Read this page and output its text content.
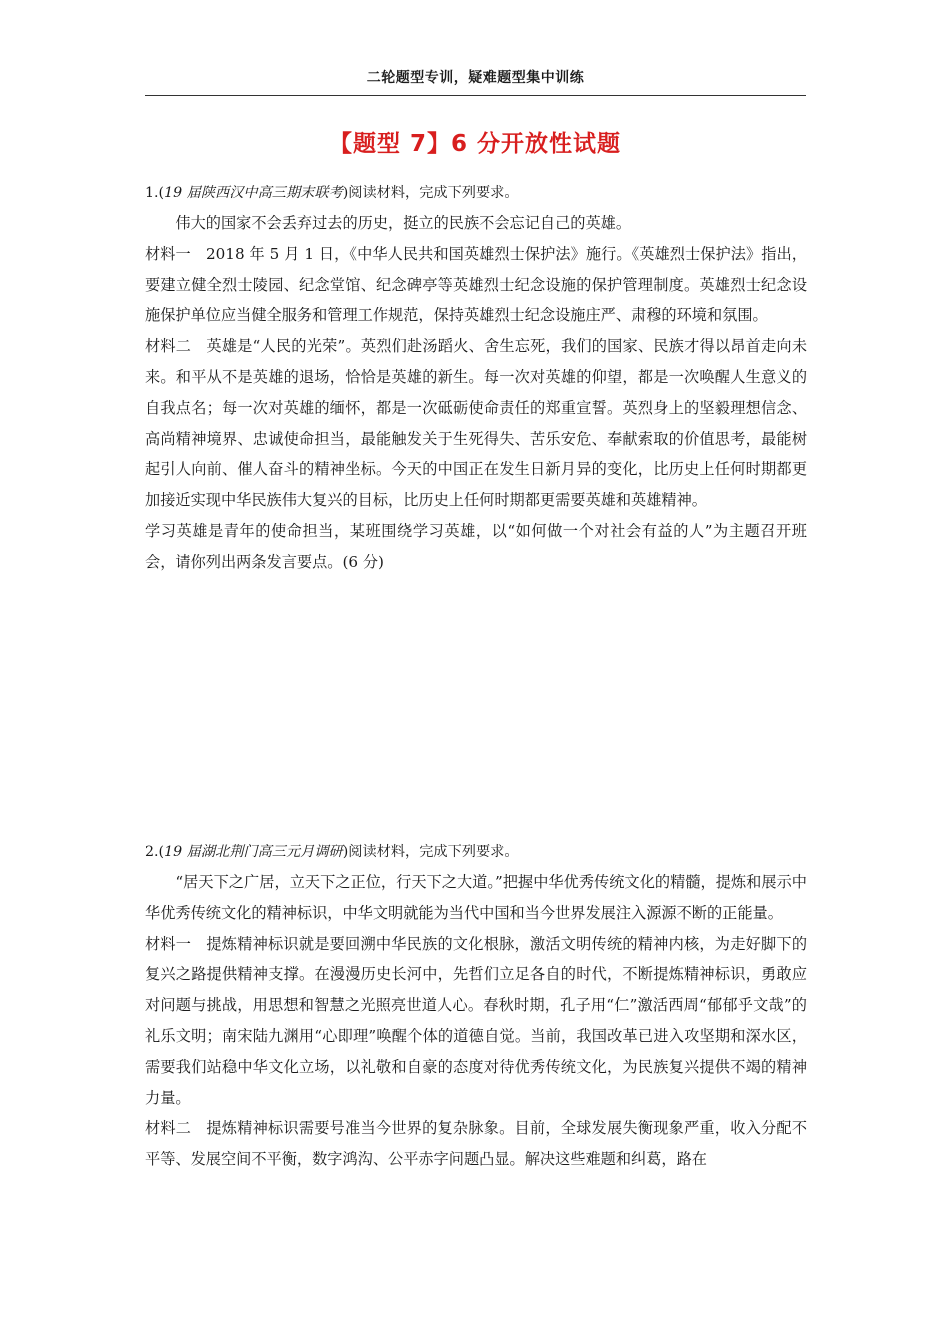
二轮题型专训，疑难题型集中训练
【题型 7】6 分开放性试题

1.(19 届陕西汉中高三期末联考)阅读材料，完成下列要求。

伟大的国家不会丢弃过去的历史，挺立的民族不会忘记自己的英雄。

材料一 2018 年 5 月 1 日，《中华人民共和国英雄烈士保护法》施行。《英雄烈士保护法》指出，要建立健全烈士陵园、纪念堂馆、纪念碑亭等英雄烈士纪念设施的保护管理制度。英雄烈士纪念设施保护单位应当健全服务和管理工作规范，保持英雄烈士纪念设施庄严、肃穆的环境和氛围。

材料二 英雄是“人民的光荣”。英烈们赴汤蹈火、舍生忘死，我们的国家、民族才得以昂首走向未来。和平从不是英雄的退场，恰恰是英雄的新生。每一次对英雄的仰望，都是一次唤醒人生意义的自我点名；每一次对英雄的缅怀，都是一次砥砺使命责任的郑重宣誓。英烈身上的坚毅理想信念、高尚精神境界、忠诚使命担当，最能触发关于生死得失、苦乐安危、奉献索取的价值思考，最能树起引人向前、催人奋斗的精神坐标。今天的中国正在发生日新月异的变化，比历史上任何时期都更加接近实现中华民族伟大复兴的目标，比历史上任何时期都更需要英雄和英雄精神。

学习英雄是青年的使命担当，某班围绕学习英雄，以“如何做一个对社会有益的人”为主题召开班会，请你列出两条发言要点。(6 分)

2.(19 届湖北荆门高三元月调研)阅读材料，完成下列要求。

“居天下之广居，立天下之正位，行天下之大道。”把握中华优秀传统文化的精髓，提炼和展示中华优秀传统文化的精神标识，中华文明就能为当代中国和当今世界发展注入源源不断的正能量。

材料一 提炼精神标识就是要回溯中华民族的文化根脉，激活文明传统的精神内核，为走好脚下的复兴之路提供精神支撑。在漫漫历史长河中，先哲们立足各自的时代，不断提炼精神标识，勇敢应对问题与挑战，用思想和智慧之光照亮世道人心。春秋时期，孔子用“仁”激活西周“郁郁乎文哉”的礼乐文明；南宋陆九渊用“心即理”唤醒个体的道德自觉。当前，我国改革已进入攻坚期和深水区，需要我们站稳中华文化立场，以礼敬和自豪的态度对待优秀传统文化，为民族复兴提供不竭的精神力量。

材料二 提炼精神标识需要号准当今世界的复杂脉象。目前，全球发展失衡现象严重，收入分配不平等、发展空间不平衡，数字鸿沟、公平赤字问题凸显。解决这些难题和纠葛，路在
